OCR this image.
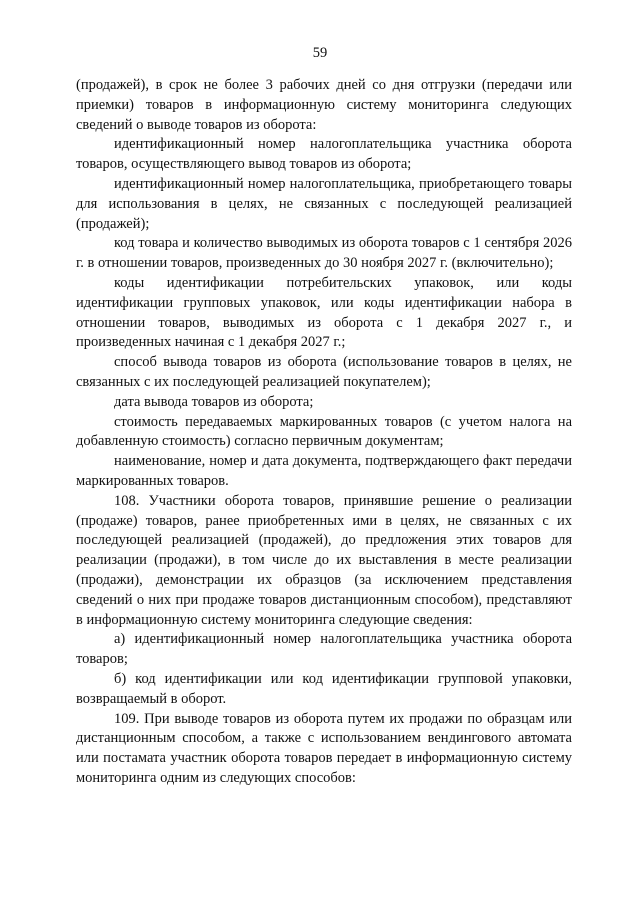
59

(продажей), в срок не более 3 рабочих дней со дня отгрузки (передачи или приемки) товаров в информационную систему мониторинга следующих сведений о выводе товаров из оборота:

идентификационный номер налогоплательщика участника оборота товаров, осуществляющего вывод товаров из оборота;

идентификационный номер налогоплательщика, приобретающего товары для использования в целях, не связанных с последующей реализацией (продажей);

код товара и количество выводимых из оборота товаров с 1 сентября 2026 г. в отношении товаров, произведенных до 30 ноября 2027 г. (включительно);

коды идентификации потребительских упаковок, или коды идентификации групповых упаковок, или коды идентификации набора в отношении товаров, выводимых из оборота с 1 декабря 2027 г., и произведенных начиная с 1 декабря 2027 г.;

способ вывода товаров из оборота (использование товаров в целях, не связанных с их последующей реализацией покупателем);

дата вывода товаров из оборота;

стоимость передаваемых маркированных товаров (с учетом налога на добавленную стоимость) согласно первичным документам;

наименование, номер и дата документа, подтверждающего факт передачи маркированных товаров.

108. Участники оборота товаров, принявшие решение о реализации (продаже) товаров, ранее приобретенных ими в целях, не связанных с их последующей реализацией (продажей), до предложения этих товаров для реализации (продажи), в том числе до их выставления в месте реализации (продажи), демонстрации их образцов (за исключением представления сведений о них при продаже товаров дистанционным способом), представляют в информационную систему мониторинга следующие сведения:

а) идентификационный номер налогоплательщика участника оборота товаров;

б) код идентификации или код идентификации групповой упаковки, возвращаемый в оборот.

109. При выводе товаров из оборота путем их продажи по образцам или дистанционным способом, а также с использованием вендингового автомата или постамата участник оборота товаров передает в информационную систему мониторинга одним из следующих способов:
